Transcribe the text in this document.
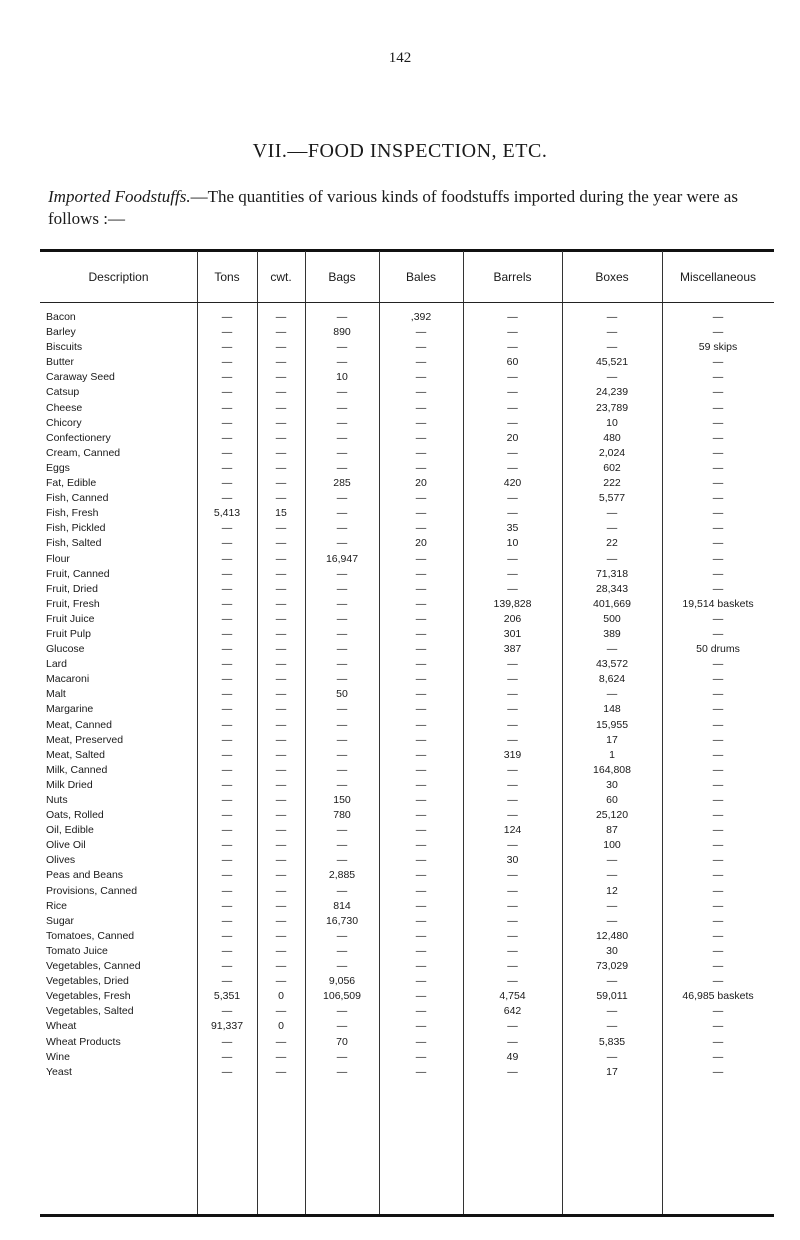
142
VII.—FOOD INSPECTION, ETC.
Imported Foodstuffs.—The quantities of various kinds of foodstuffs imported during the year were as follows :—
Description	Tons	cwt.	Bags	Bales	Barrels	Boxes	Miscellaneous
Bacon	—	—	—	,392	—	—	—
Barley	—	—	890	—	—	—	—
Biscuits	—	—	—	—	—	—	59 skips
Butter	—	—	—	—	60	45,521	—
Caraway Seed	—	—	10	—	—	—	—
Catsup	—	—	—	—	—	24,239	—
Cheese	—	—	—	—	—	23,789	—
Chicory	—	—	—	—	—	10	—
Confectionery	—	—	—	—	20	480	—
Cream, Canned	—	—	—	—	—	2,024	—
Eggs	—	—	—	—	—	602	—
Fat, Edible	—	—	285	20	420	222	—
Fish, Canned	—	—	—	—	—	5,577	—
Fish, Fresh	5,413	15	—	—	—	—	—
Fish, Pickled	—	—	—	—	35	—	—
Fish, Salted	—	—	—	20	10	22	—
Flour	—	—	16,947	—	—	—	—
Fruit, Canned	—	—	—	—	—	71,318	—
Fruit, Dried	—	—	—	—	—	28,343	—
Fruit, Fresh	—	—	—	—	139,828	401,669	19,514 baskets
Fruit Juice	—	—	—	—	206	500	—
Fruit Pulp	—	—	—	—	301	389	—
Glucose	—	—	—	—	387	—	50 drums
Lard	—	—	—	—	—	43,572	—
Macaroni	—	—	—	—	—	8,624	—
Malt	—	—	50	—	—	—	—
Margarine	—	—	—	—	—	148	—
Meat, Canned	—	—	—	—	—	15,955	—
Meat, Preserved	—	—	—	—	—	17	—
Meat, Salted	—	—	—	—	319	1	—
Milk, Canned	—	—	—	—	—	164,808	—
Milk Dried	—	—	—	—	—	30	—
Nuts	—	—	150	—	—	60	—
Oats, Rolled	—	—	780	—	—	25,120	—
Oil, Edible	—	—	—	—	124	87	—
Olive Oil	—	—	—	—	—	100	—
Olives	—	—	—	—	30	—	—
Peas and Beans	—	—	2,885	—	—	—	—
Provisions, Canned	—	—	—	—	—	12	—
Rice	—	—	814	—	—	—	—
Sugar	—	—	16,730	—	—	—	—
Tomatoes, Canned	—	—	—	—	—	12,480	—
Tomato Juice	—	—	—	—	—	30	—
Vegetables, Canned	—	—	—	—	—	73,029	—
Vegetables, Dried	—	—	9,056	—	—	—	—
Vegetables, Fresh	5,351	0	106,509	—	4,754	59,011	46,985 baskets
Vegetables, Salted	—	—	—	—	642	—	—
Wheat	91,337	0	—	—	—	—	—
Wheat Products	—	—	70	—	—	5,835	—
Wine	—	—	—	—	49	—	—
Yeast	—	—	—	—	—	17	—
